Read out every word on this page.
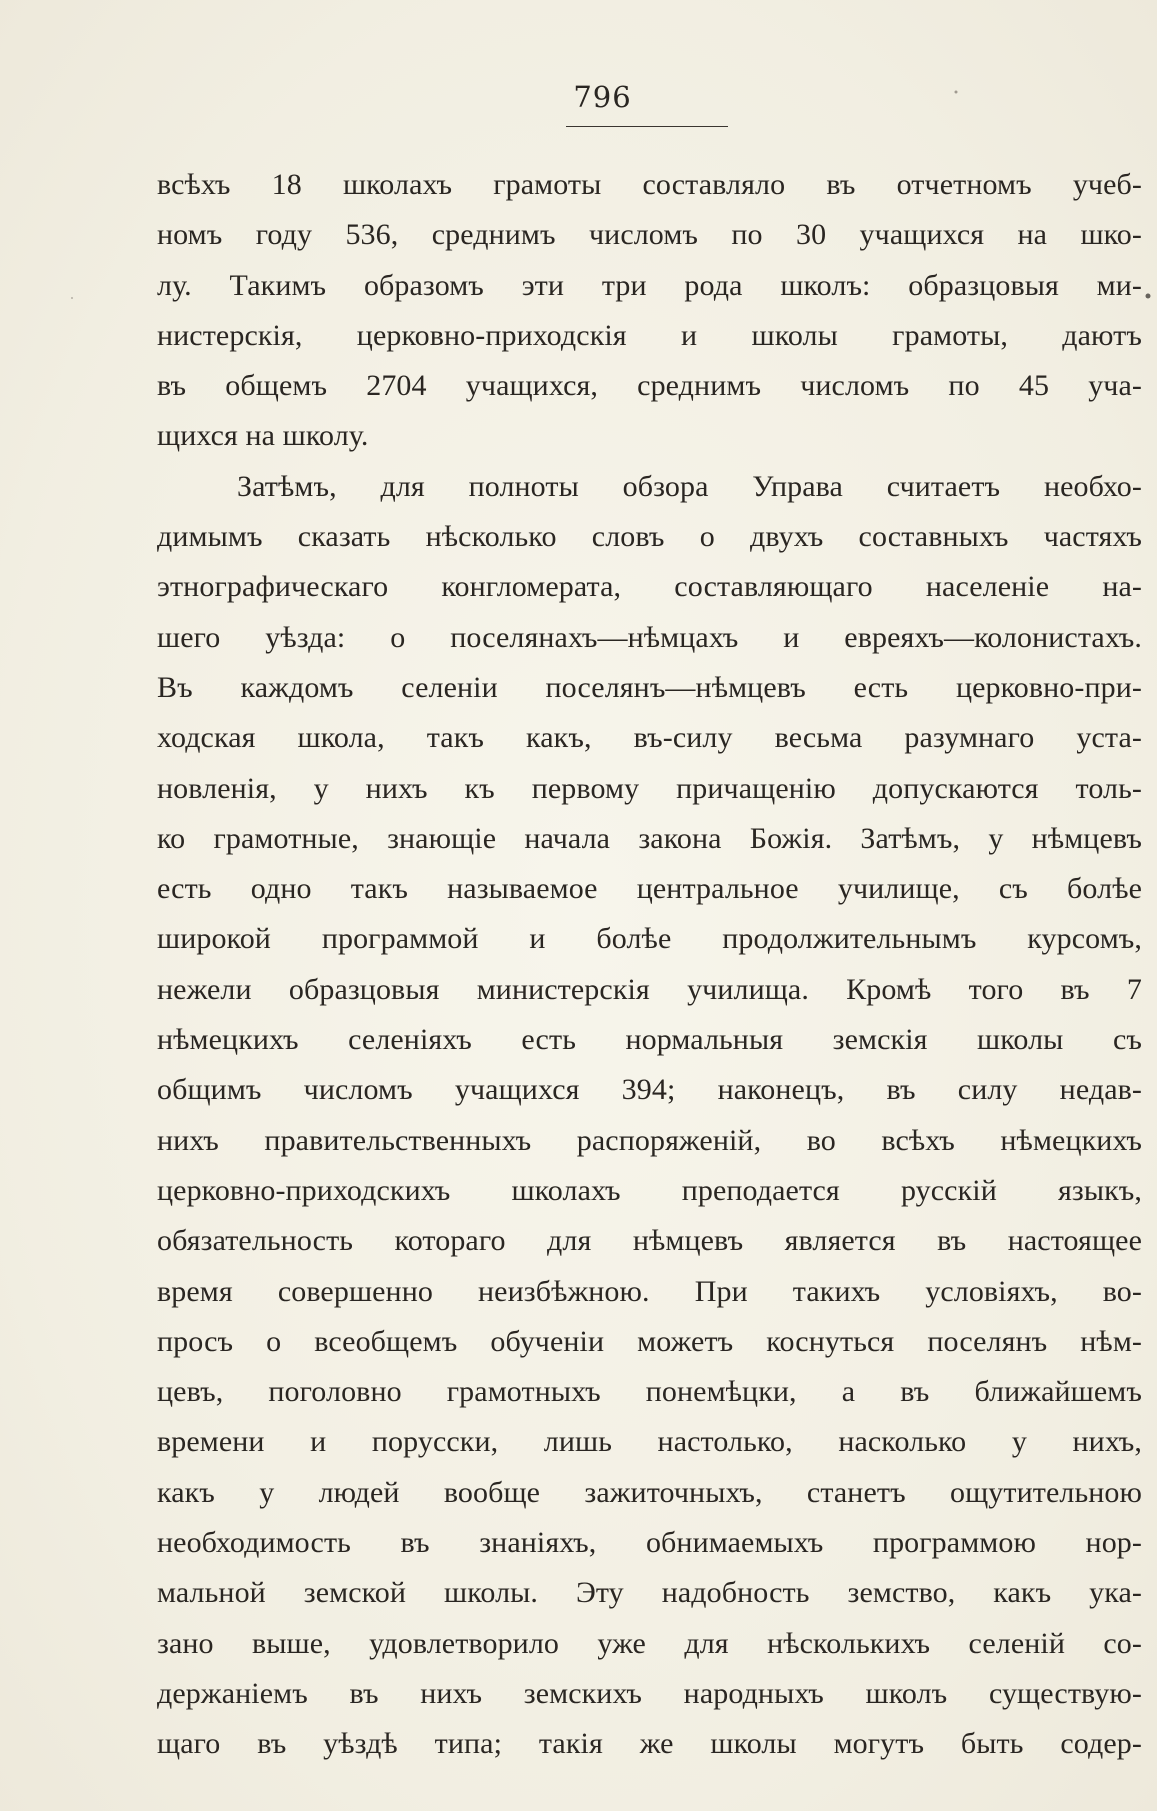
796
всѣхъ 18 школахъ грамоты составляло въ отчетномъ учеб-
номъ году 536, среднимъ числомъ по 30 учащихся на шко-
лу. Такимъ образомъ эти три рода школъ: образцовыя ми-
нистерскія, церковно-приходскія и школы грамоты, даютъ
въ общемъ 2704 учащихся, среднимъ числомъ по 45 уча-
щихся на школу.
Затѣмъ, для полноты обзора Управа считаетъ необхо-
димымъ сказать нѣсколько словъ о двухъ составныхъ частяхъ
этнографическаго конгломерата, составляющаго населеніе на-
шего уѣзда: о поселянахъ—нѣмцахъ и евреяхъ—колонистахъ.
Въ каждомъ селеніи поселянъ—нѣмцевъ есть церковно-при-
ходская школа, такъ какъ, въ-силу весьма разумнаго уста-
новленія, у нихъ къ первому причащенію допускаются толь-
ко грамотные, знающіе начала закона Божія. Затѣмъ, у нѣмцевъ
есть одно такъ называемое центральное училище, съ болѣе
широкой программой и болѣе продолжительнымъ курсомъ,
нежели образцовыя министерскія училища. Кромѣ того въ 7
нѣмецкихъ селеніяхъ есть нормальныя земскія школы съ
общимъ числомъ учащихся 394; наконецъ, въ силу недав-
нихъ правительственныхъ распоряженій, во всѣхъ нѣмецкихъ
церковно-приходскихъ школахъ преподается русскій языкъ,
обязательность котораго для нѣмцевъ является въ настоящее
время совершенно неизбѣжною. При такихъ условіяхъ, во-
просъ о всеобщемъ обученіи можетъ коснуться поселянъ нѣм-
цевъ, поголовно грамотныхъ понемѣцки, а въ ближайшемъ
времени и порусски, лишь настолько, насколько у нихъ,
какъ у людей вообще зажиточныхъ, станетъ ощутительною
необходимость въ знаніяхъ, обнимаемыхъ программою нор-
мальной земской школы. Эту надобность земство, какъ ука-
зано выше, удовлетворило уже для нѣсколькихъ селеній со-
держаніемъ въ нихъ земскихъ народныхъ школъ существую-
щаго въ уѣздѣ типа; такія же школы могутъ быть содер-
